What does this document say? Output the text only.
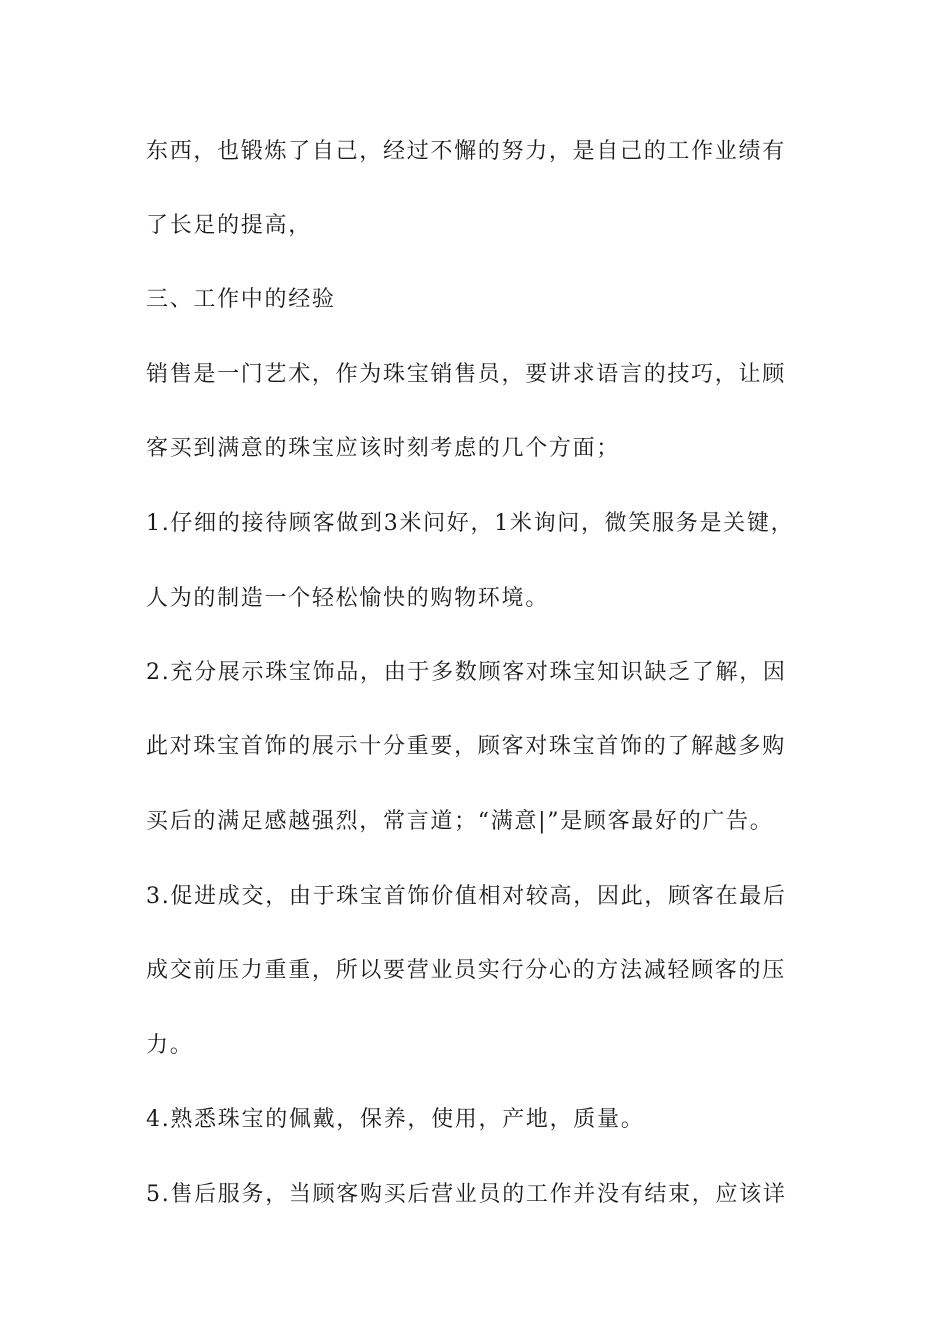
东西，也锻炼了自己，经过不懈的努力，是自己的工作业绩有
了长足的提高，
三、工作中的经验
销售是一门艺术，作为珠宝销售员，要讲求语言的技巧，让顾
客买到满意的珠宝应该时刻考虑的几个方面；
1.仔细的接待顾客做到3米问好，1米询问，微笑服务是关键，
人为的制造一个轻松愉快的购物环境。
2.充分展示珠宝饰品，由于多数顾客对珠宝知识缺乏了解，因
此对珠宝首饰的展示十分重要，顾客对珠宝首饰的了解越多购
买后的满足感越强烈，常言道；“满意|”是顾客最好的广告。
3.促进成交，由于珠宝首饰价值相对较高，因此，顾客在最后
成交前压力重重，所以要营业员实行分心的方法减轻顾客的压
力。
4.熟悉珠宝的佩戴，保养，使用，产地，质量。
5.售后服务，当顾客购买后营业员的工作并没有结束，应该详
